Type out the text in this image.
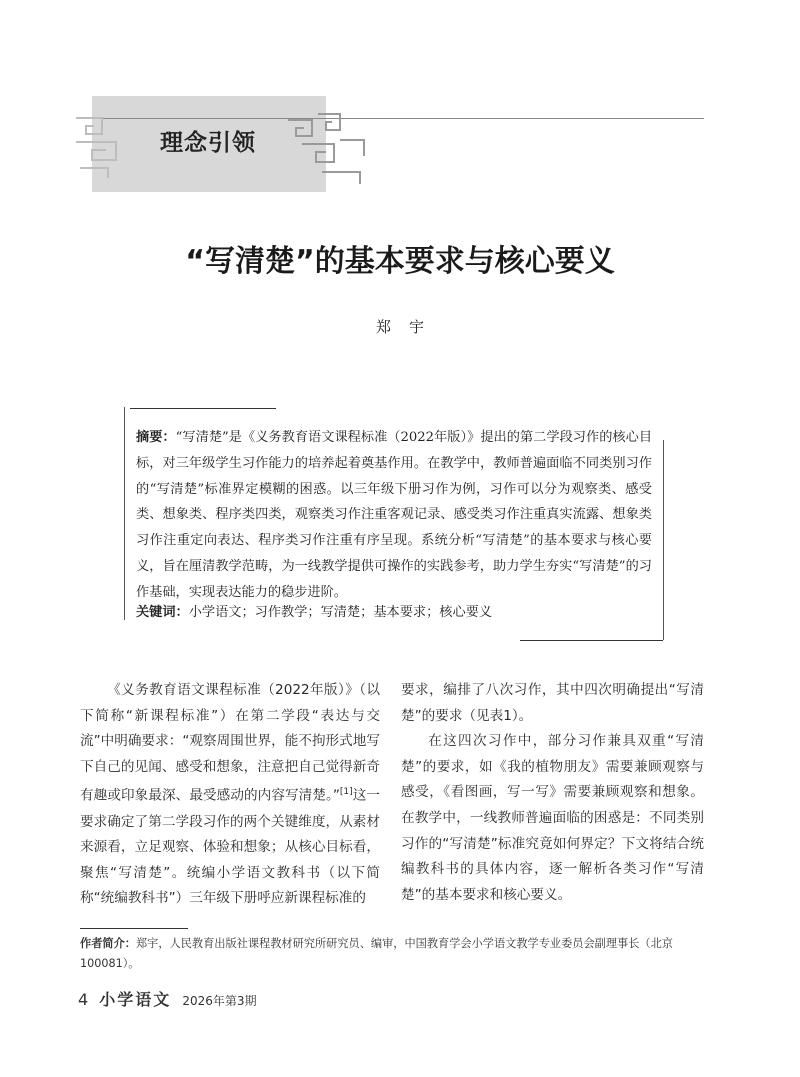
理念引领
“写清楚”的基本要求与核心要义
郑宇
摘要：“写清楚”是《义务教育语文课程标准（2022年版）》提出的第二学段习作的核心目标，对三年级学生习作能力的培养起着奠基作用。在教学中，教师普遍面临不同类别习作的“写清楚”标准界定模糊的困惑。以三年级下册习作为例，习作可以分为观察类、感受类、想象类、程序类四类，观察类习作注重客观记录、感受类习作注重真实流露、想象类习作注重定向表达、程序类习作注重有序呈现。系统分析“写清楚”的基本要求与核心要义，旨在厘清教学范畴，为一线教学提供可操作的实践参考，助力学生夯实“写清楚”的习作基础，实现表达能力的稳步进阶。
关键词：小学语文；习作教学；写清楚；基本要求；核心要义

《义务教育语文课程标准（2022年版）》（以下简称“新课程标准”）在第二学段“表达与交流”中明确要求：“观察周围世界，能不拘形式地写下自己的见闻、感受和想象，注意把自己觉得新奇有趣或印象最深、最受感动的内容写清楚。”[1]这一要求确定了第二学段习作的两个关键维度，从素材来源看，立足观察、体验和想象；从核心目标看，聚焦“写清楚”。统编小学语文教科书（以下简称“统编教科书”）三年级下册呼应新课程标准的

要求，编排了八次习作，其中四次明确提出“写清楚”的要求（见表1）。

在这四次习作中，部分习作兼具双重“写清楚”的要求，如《我的植物朋友》需要兼顾观察与感受，《看图画，写一写》需要兼顾观察和想象。在教学中，一线教师普遍面临的困惑是：不同类别习作的“写清楚”标准究竟如何界定？下文将结合统编教科书的具体内容，逐一解析各类习作“写清楚”的基本要求和核心要义。

作者简介：郑宇，人民教育出版社课程教材研究所研究员、编审，中国教育学会小学语文教学专业委员会副理事长（北京　100081）。
4 小学语文 2026年第3期
